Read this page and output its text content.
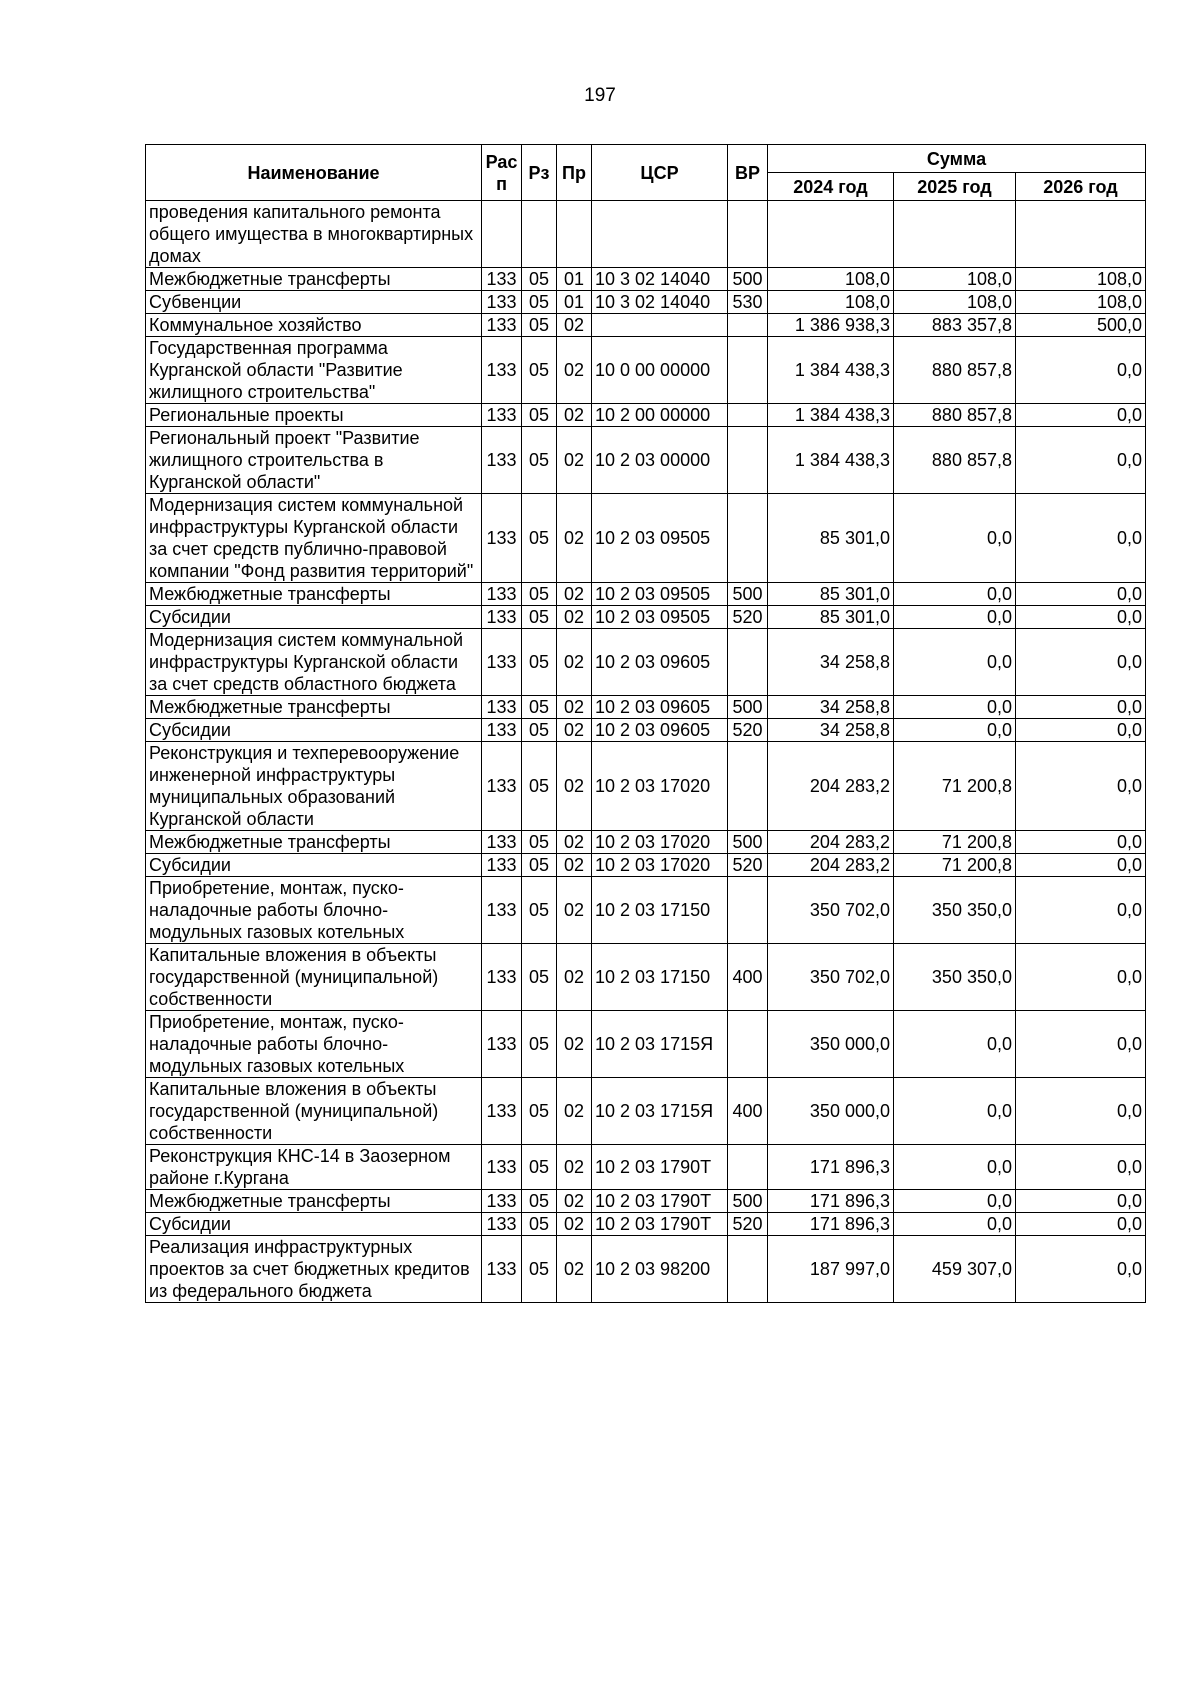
197
Наименование	Рас п	Рз	Пр	ЦСР	ВР	Сумма		
						2024 год	2025 год	2026 год
проведения капитального ремонта общего имущества в многоквартирных домах								
Межбюджетные трансферты	133	05	01	10 3 02 14040	500	108,0	108,0	108,0
Субвенции	133	05	01	10 3 02 14040	530	108,0	108,0	108,0
Коммунальное хозяйство	133	05	02			1 386 938,3	883 357,8	500,0
Государственная программа Курганской области "Развитие жилищного строительства"	133	05	02	10 0 00 00000		1 384 438,3	880 857,8	0,0
Региональные проекты	133	05	02	10 2 00 00000		1 384 438,3	880 857,8	0,0
Региональный проект "Развитие жилищного строительства в Курганской области"	133	05	02	10 2 03 00000		1 384 438,3	880 857,8	0,0
Модернизация систем коммунальной инфраструктуры Курганской области за счет средств публично-правовой компании "Фонд развития территорий"	133	05	02	10 2 03 09505		85 301,0	0,0	0,0
Межбюджетные трансферты	133	05	02	10 2 03 09505	500	85 301,0	0,0	0,0
Субсидии	133	05	02	10 2 03 09505	520	85 301,0	0,0	0,0
Модернизация систем коммунальной инфраструктуры Курганской области за счет средств областного бюджета	133	05	02	10 2 03 09605		34 258,8	0,0	0,0
Межбюджетные трансферты	133	05	02	10 2 03 09605	500	34 258,8	0,0	0,0
Субсидии	133	05	02	10 2 03 09605	520	34 258,8	0,0	0,0
Реконструкция и техперевооружение инженерной инфраструктуры муниципальных образований Курганской области	133	05	02	10 2 03 17020		204 283,2	71 200,8	0,0
Межбюджетные трансферты	133	05	02	10 2 03 17020	500	204 283,2	71 200,8	0,0
Субсидии	133	05	02	10 2 03 17020	520	204 283,2	71 200,8	0,0
Приобретение, монтаж, пуско-наладочные работы блочно-модульных газовых котельных	133	05	02	10 2 03 17150		350 702,0	350 350,0	0,0
Капитальные вложения в объекты государственной (муниципальной) собственности	133	05	02	10 2 03 17150	400	350 702,0	350 350,0	0,0
Приобретение, монтаж, пуско-наладочные работы блочно-модульных газовых котельных	133	05	02	10 2 03 1715Я		350 000,0	0,0	0,0
Капитальные вложения в объекты государственной (муниципальной) собственности	133	05	02	10 2 03 1715Я	400	350 000,0	0,0	0,0
Реконструкция КНС-14 в Заозерном районе г.Кургана	133	05	02	10 2 03 1790Т		171 896,3	0,0	0,0
Межбюджетные трансферты	133	05	02	10 2 03 1790Т	500	171 896,3	0,0	0,0
Субсидии	133	05	02	10 2 03 1790Т	520	171 896,3	0,0	0,0
Реализация инфраструктурных проектов за счет бюджетных кредитов из федерального бюджета	133	05	02	10 2 03 98200		187 997,0	459 307,0	0,0
